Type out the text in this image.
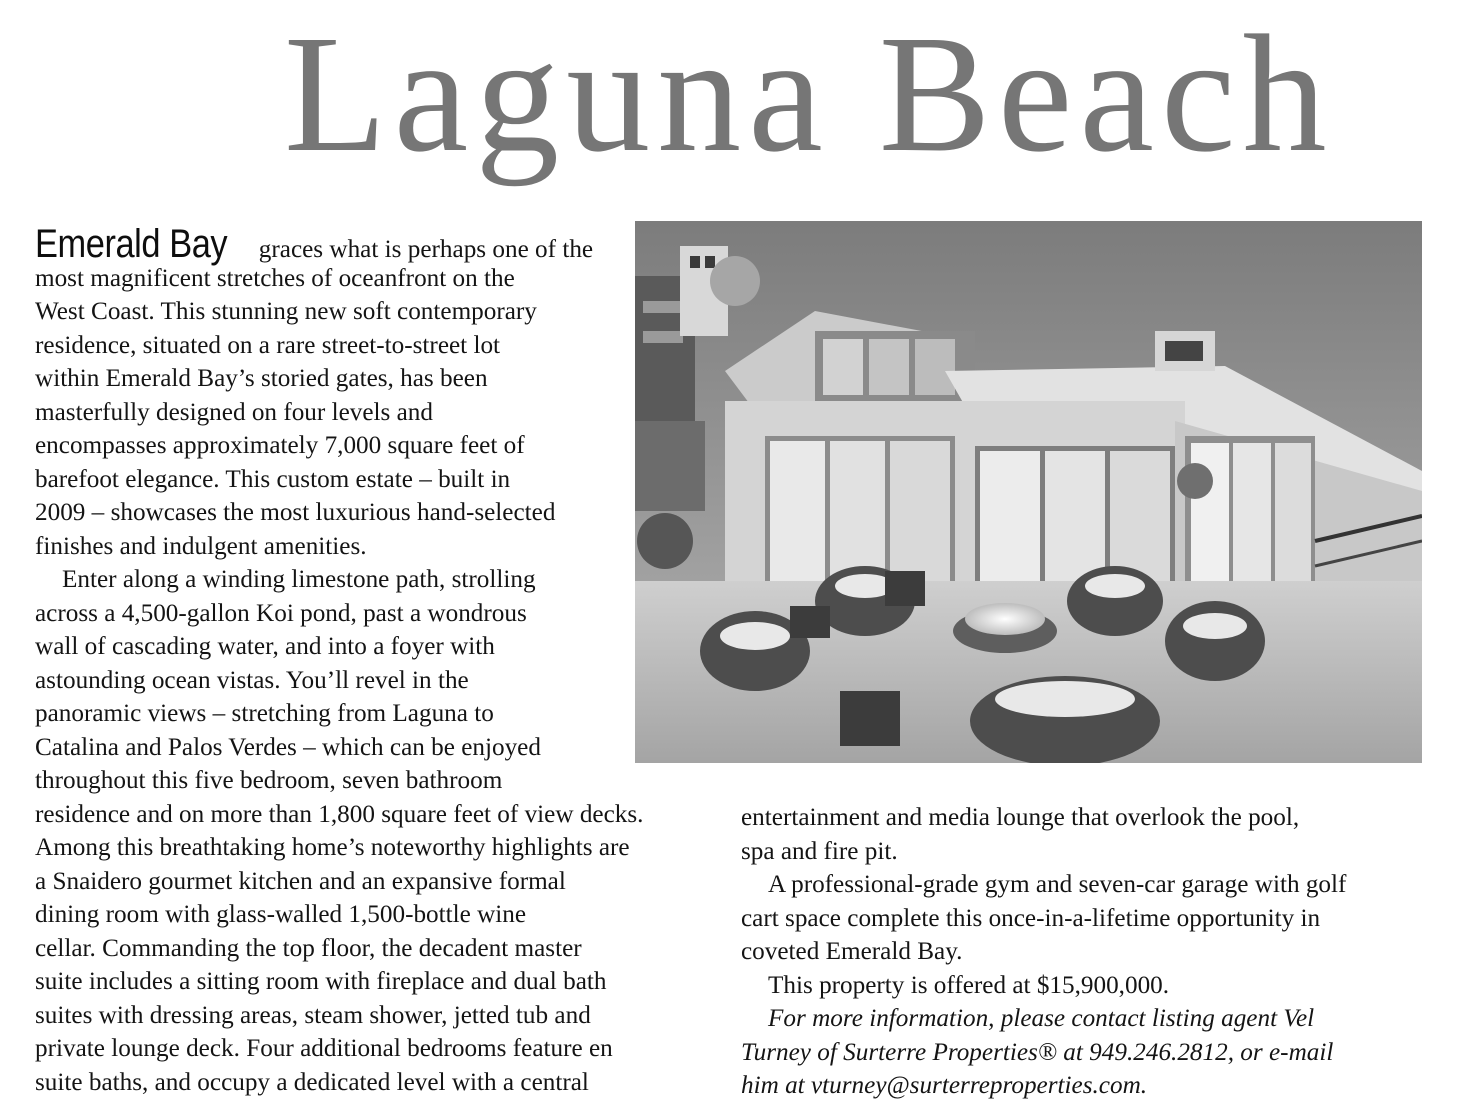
Laguna Beach
Emerald Bay graces what is perhaps one of the
most magnificent stretches of oceanfront on the
West Coast. This stunning new soft contemporary
residence, situated on a rare street-to-street lot
within Emerald Bay’s storied gates, has been
masterfully designed on four levels and
encompasses approximately 7,000 square feet of
barefoot elegance. This custom estate – built in
2009 – showcases the most luxurious hand-selected
finishes and indulgent amenities.
Enter along a winding limestone path, strolling
across a 4,500-gallon Koi pond, past a wondrous
wall of cascading water, and into a foyer with
astounding ocean vistas. You’ll revel in the
panoramic views – stretching from Laguna to
Catalina and Palos Verdes – which can be enjoyed
throughout this five bedroom, seven bathroom
residence and on more than 1,800 square feet of view decks.
Among this breathtaking home’s noteworthy highlights are
a Snaidero gourmet kitchen and an expansive formal
dining room with glass-walled 1,500-bottle wine
cellar. Commanding the top floor, the decadent master
suite includes a sitting room with fireplace and dual bath
suites with dressing areas, steam shower, jetted tub and
private lounge deck. Four additional bedrooms feature en
suite baths, and occupy a dedicated level with a central
entertainment and media lounge that overlook the pool,
spa and fire pit.
A professional-grade gym and seven-car garage with golf
cart space complete this once-in-a-lifetime opportunity in
coveted Emerald Bay.
This property is offered at $15,900,000.
For more information, please contact listing agent Vel
Turney of Surterre Properties® at 949.246.2812, or e-mail
him at vturney@surterreproperties.com.
